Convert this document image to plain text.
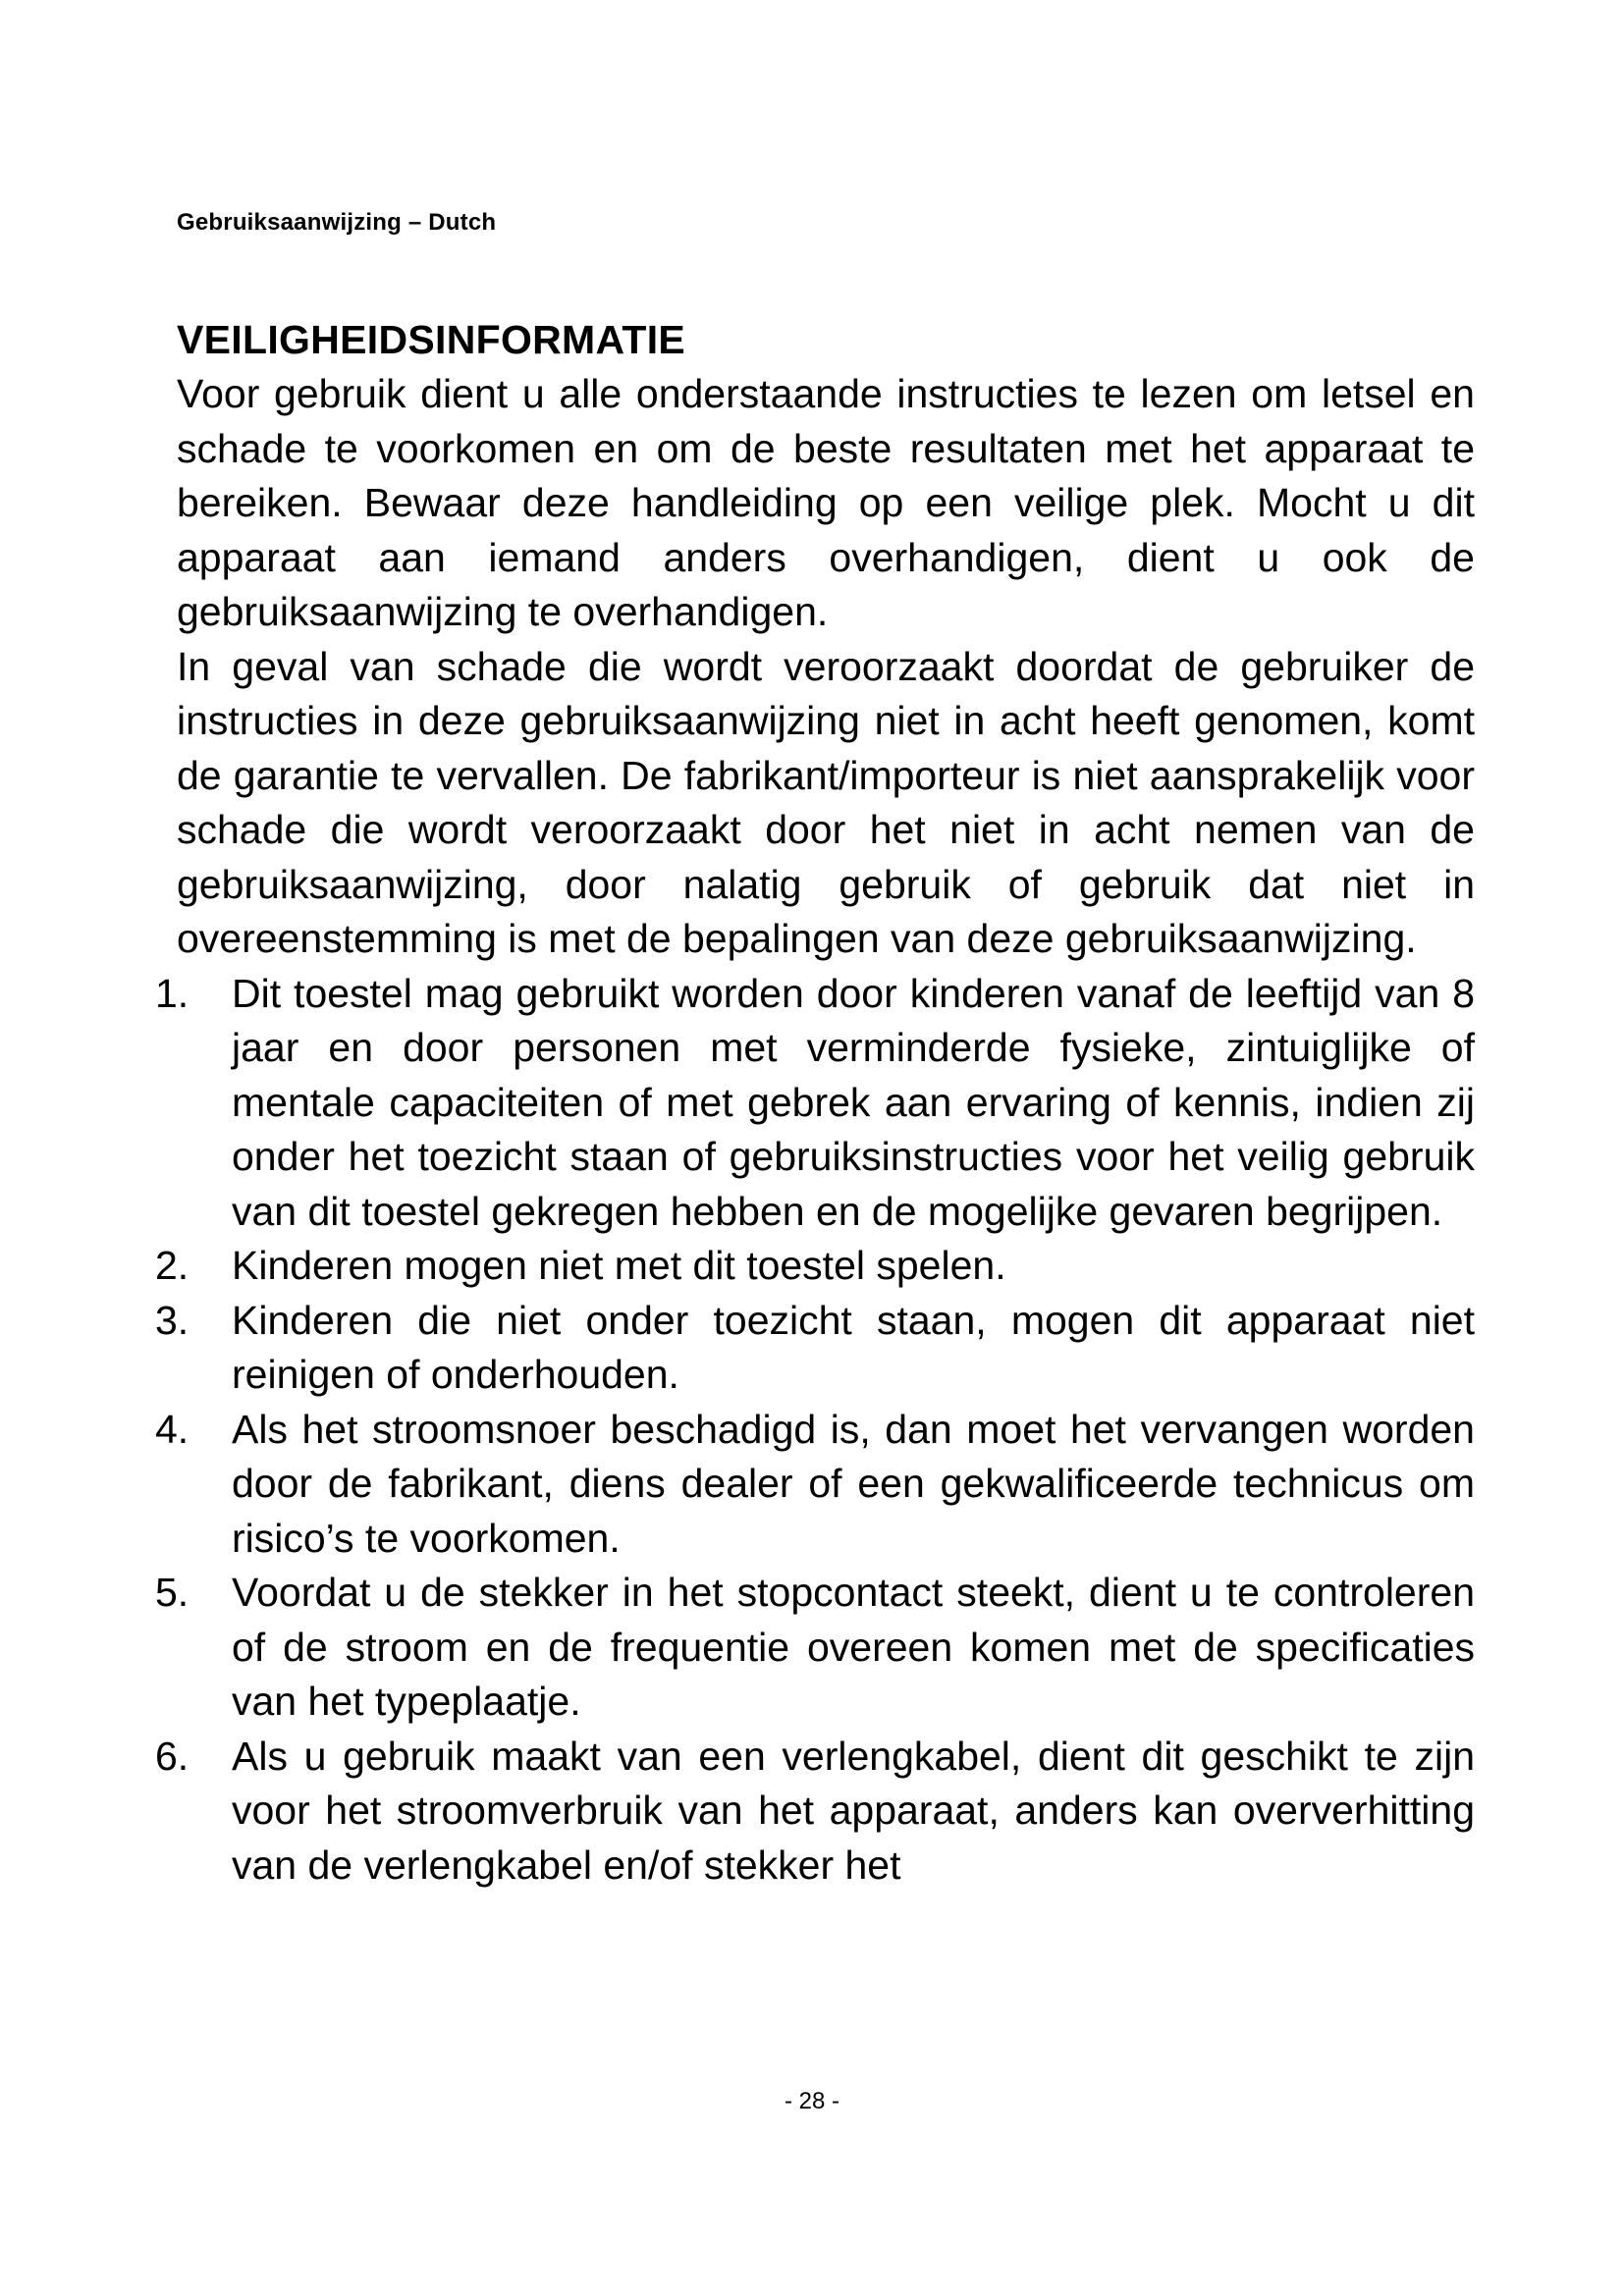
Gebruiksaanwijzing – Dutch
VEILIGHEIDSINFORMATIE

Voor gebruik dient u alle onderstaande instructies te lezen om letsel en schade te voorkomen en om de beste resultaten met het apparaat te bereiken. Bewaar deze handleiding op een veilige plek. Mocht u dit apparaat aan iemand anders overhandigen, dient u ook de gebruiksaanwijzing te overhandigen.

In geval van schade die wordt veroorzaakt doordat de gebruiker de instructies in deze gebruiksaanwijzing niet in acht heeft genomen, komt de garantie te vervallen. De fabrikant/importeur is niet aansprakelijk voor schade die wordt veroorzaakt door het niet in acht nemen van de gebruiksaanwijzing, door nalatig gebruik of gebruik dat niet in overeenstemming is met de bepalingen van deze gebruiksaanwijzing.

1.	Dit toestel mag gebruikt worden door kinderen vanaf de leeftijd van 8 jaar en door personen met verminderde fysieke, zintuiglijke of mentale capaciteiten of met gebrek aan ervaring of kennis, indien zij onder het toezicht staan of gebruiksinstructies voor het veilig gebruik van dit toestel gekregen hebben en de mogelijke gevaren begrijpen.
2.	Kinderen mogen niet met dit toestel spelen.
3.	Kinderen die niet onder toezicht staan, mogen dit apparaat niet reinigen of onderhouden.
4.	Als het stroomsnoer beschadigd is, dan moet het vervangen worden door de fabrikant, diens dealer of een gekwalificeerde technicus om risico’s te voorkomen.
5.	Voordat u de stekker in het stopcontact steekt, dient u te controleren of de stroom en de frequentie overeen komen met de specificaties van het typeplaatje.
6.	Als u gebruik maakt van een verlengkabel, dient dit geschikt te zijn voor het stroomverbruik van het apparaat, anders kan oververhitting van de verlengkabel en/of stekker het
- 28 -
